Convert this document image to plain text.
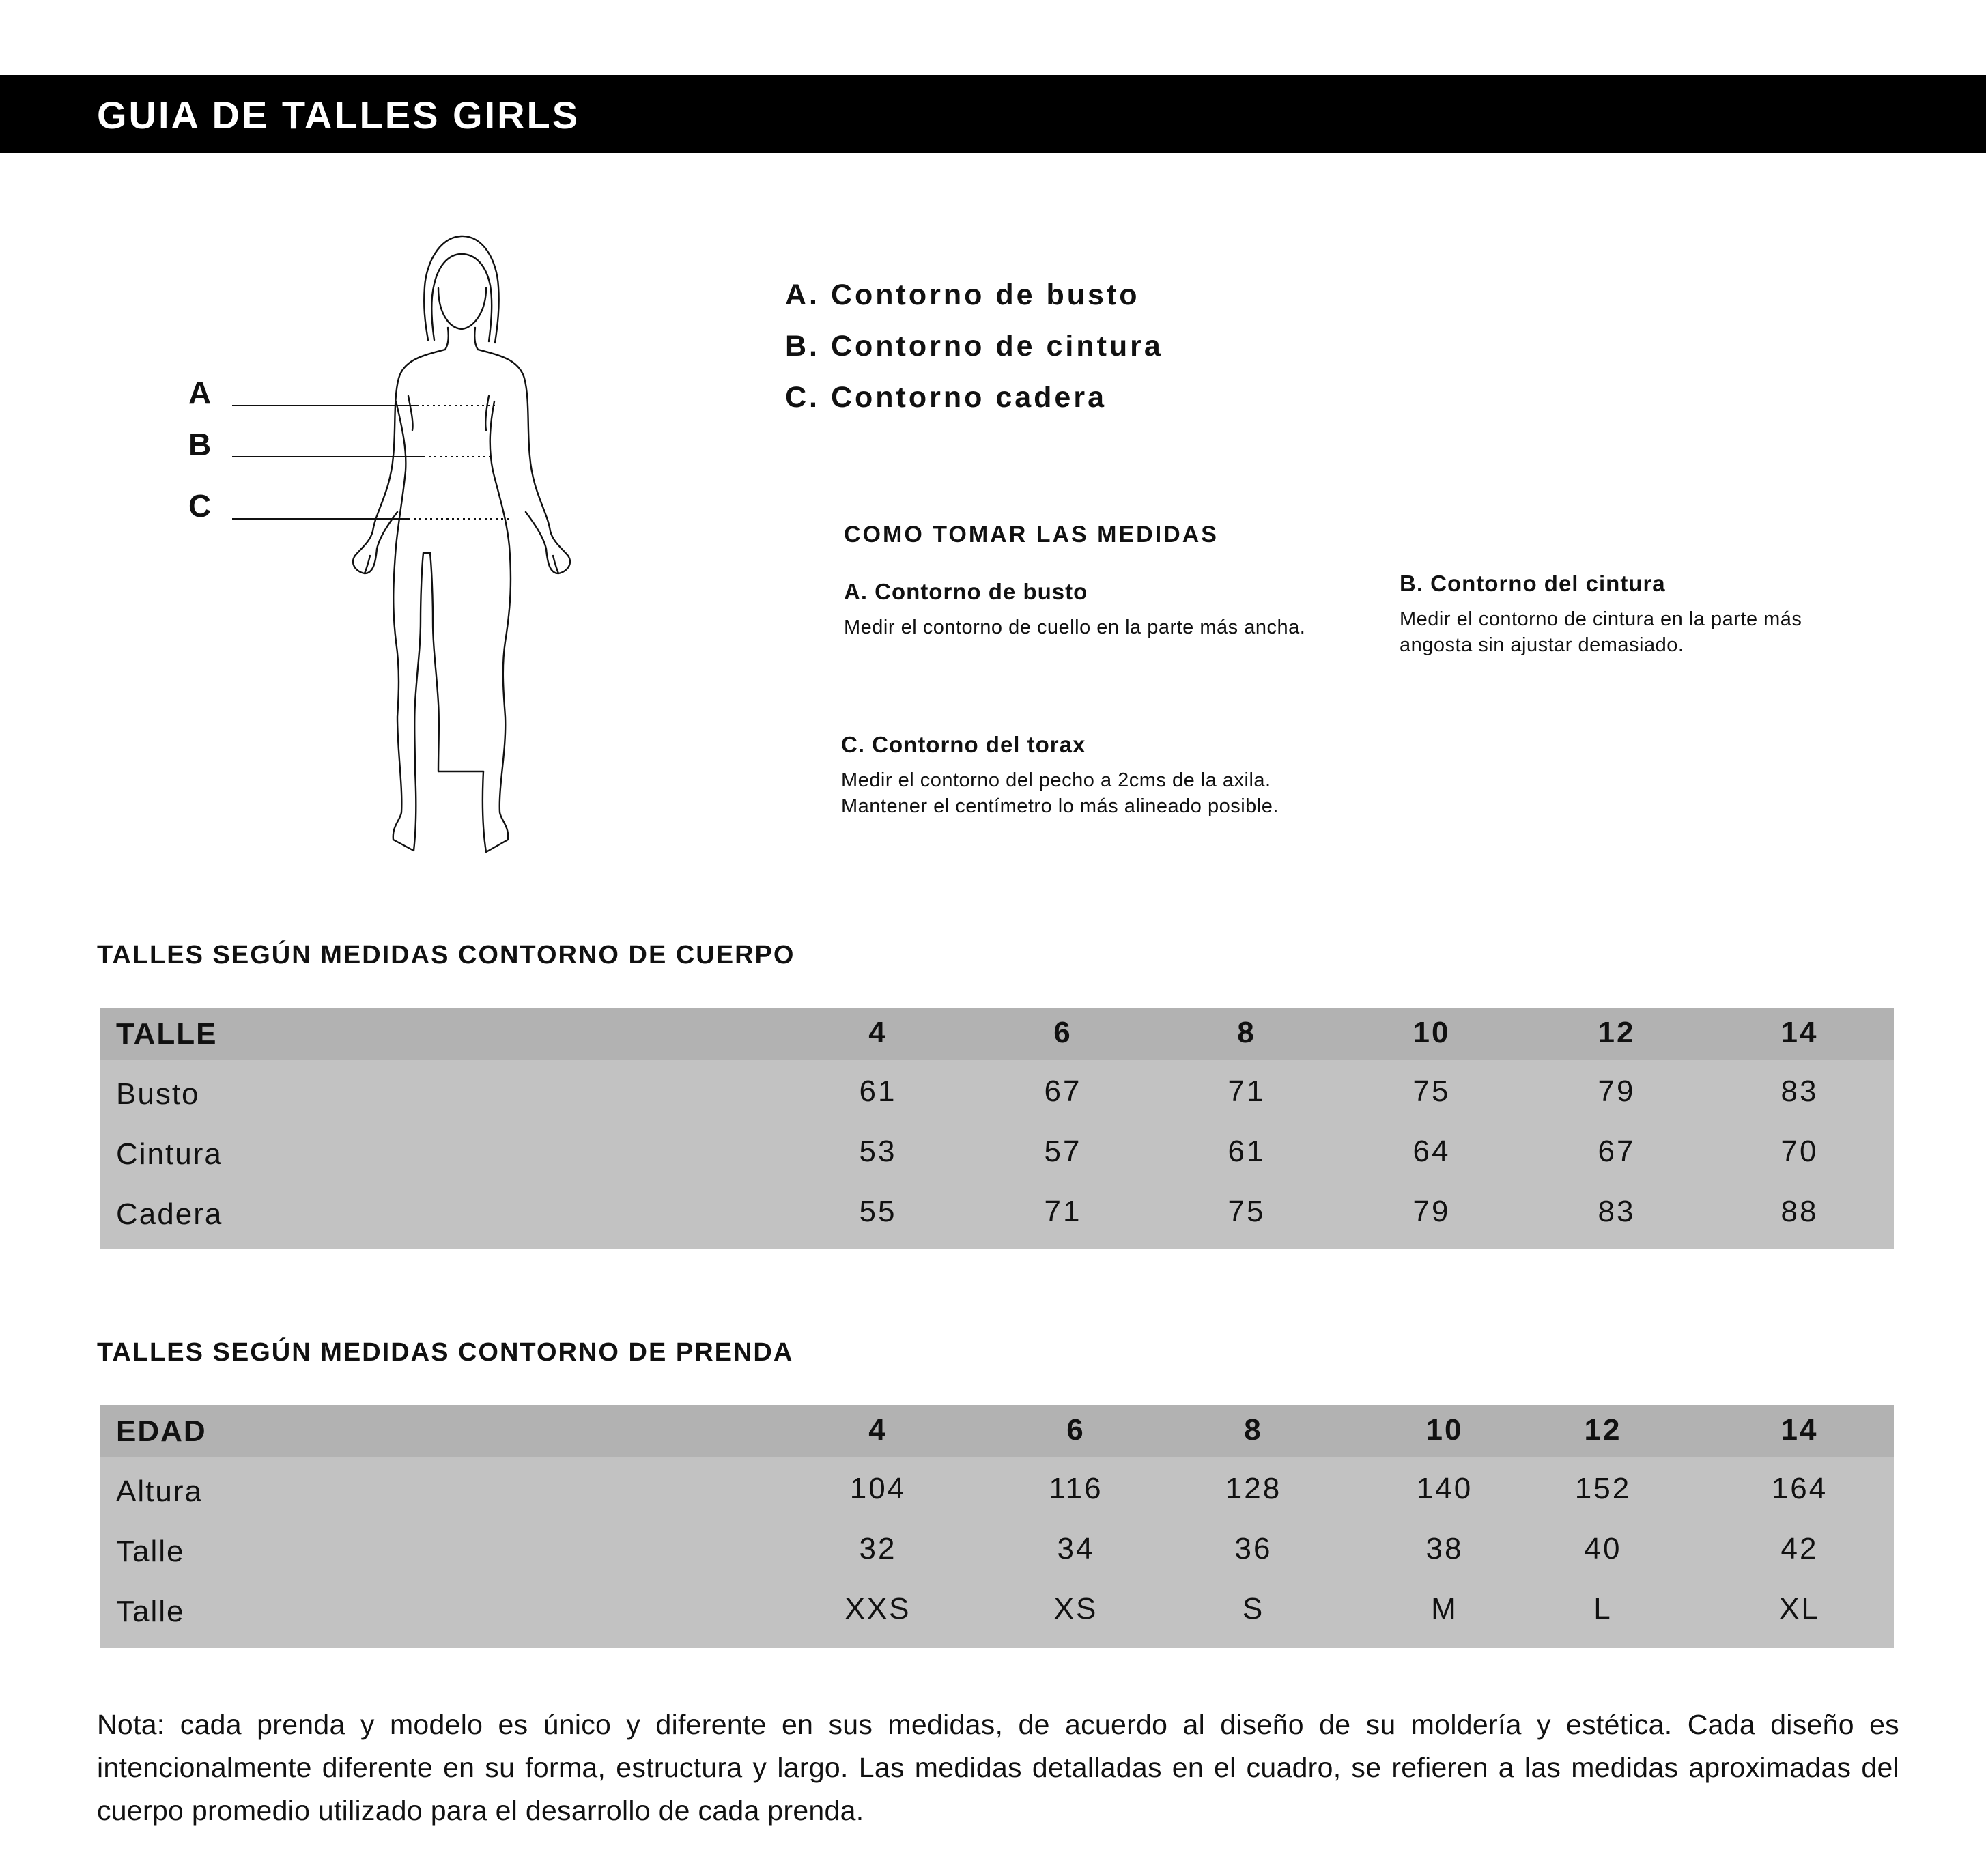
GUIA DE TALLES GIRLS
A
B
C

A. Contorno de busto

B. Contorno de cintura

C. Contorno cadera

COMO TOMAR LAS MEDIDAS

A. Contorno de busto

Medir el contorno de cuello en la parte más ancha.

B. Contorno del cintura

Medir el contorno de cintura en la parte más angosta sin ajustar demasiado.

C. Contorno del torax

Medir el contorno del pecho a 2cms de la axila.

Mantener el centímetro lo más alineado posible.

TALLES SEGÚN MEDIDAS CONTORNO DE CUERPO
TALLE	4	6	8	10	12	14
Busto	61	67	71	75	79	83
Cintura	53	57	61	64	67	70
Cadera	55	71	75	79	83	88
TALLES SEGÚN MEDIDAS CONTORNO DE PRENDA
EDAD	4	6	8	10	12	14
Altura	104	116	128	140	152	164
Talle	32	34	36	38	40	42
Talle	XXS	XS	S	M	L	XL

Nota: cada prenda y modelo es único y diferente en sus medidas, de acuerdo al diseño de su moldería y estética. Cada diseño es intencionalmente diferente en su forma, estructura y largo. Las medidas detalladas en el cuadro, se refieren a las medidas aproximadas del cuerpo promedio utilizado para el desarrollo de cada prenda.
